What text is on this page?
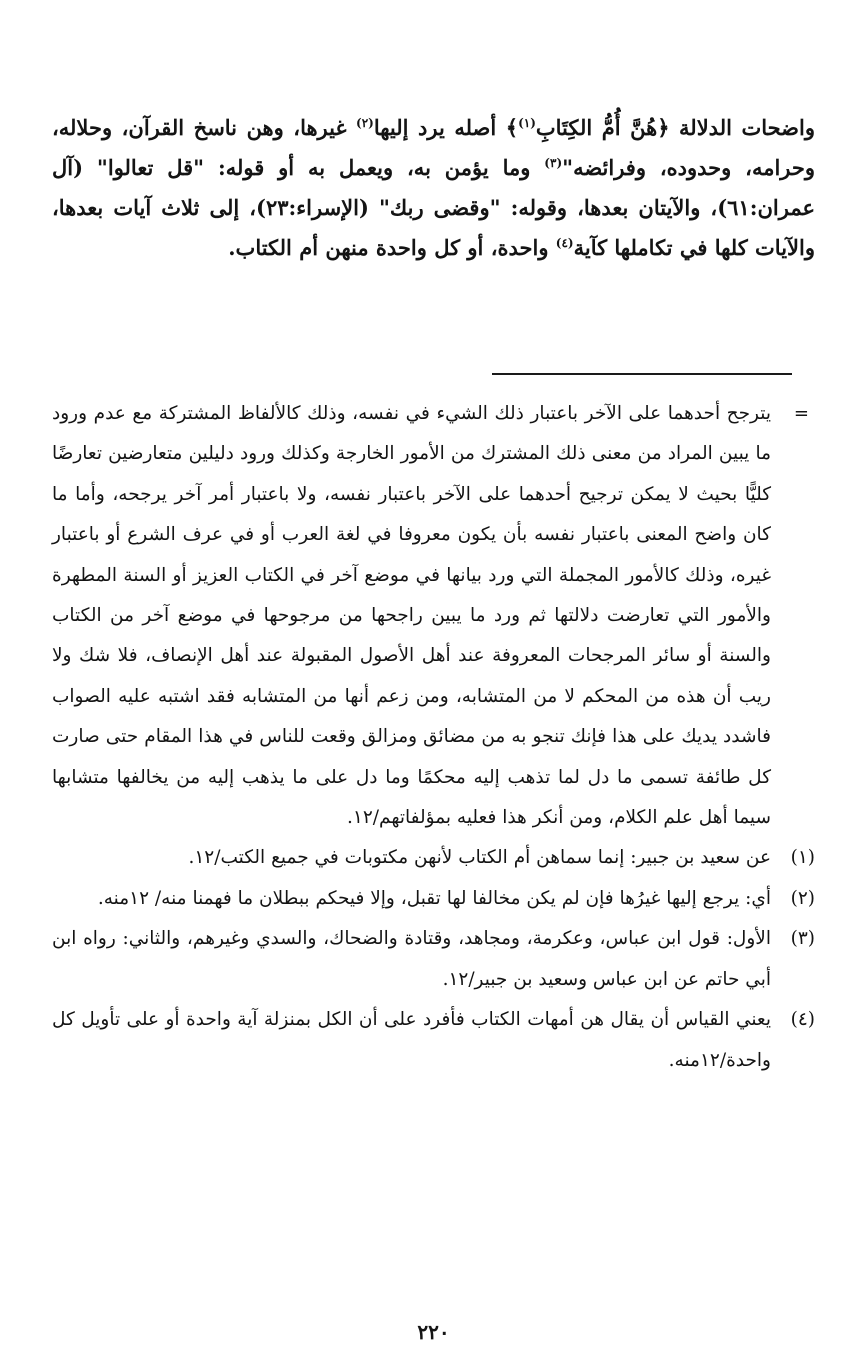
واضحات الدلالة ﴿هُنَّ أُمُّ الكِتَابِ$^{(١)}$﴾ أصله يرد إليها$^{(٢)}$ غيرها، وهن ناسخ القرآن، وحلاله، وحرامه، وحدوده، وفرائضه"$^{(٣)}$ وما يؤمن به، ويعمل به أو قوله: "قل تعالوا" (آل عمران:٦١)، والآيتان بعدها، وقوله: "وقضى ربك" (الإسراء:٢٣)، إلى ثلاث آيات بعدها، والآيات كلها في تكاملها كآية$^{(٤)}$ واحدة، أو كل واحدة منهن أم الكتاب.

=
يترجح أحدهما على الآخر باعتبار ذلك الشيء في نفسه، وذلك كالألفاظ المشتركة مع عدم ورود ما يبين المراد من معنى ذلك المشترك من الأمور الخارجة وكذلك ورود دليلين متعارضين تعارضًا كليًّا بحيث لا يمكن ترجيح أحدهما على الآخر باعتبار نفسه، ولا باعتبار أمر آخر يرجحه، وأما ما كان واضح المعنى باعتبار نفسه بأن يكون معروفا في لغة العرب أو في عرف الشرع أو باعتبار غيره، وذلك كالأمور المجملة التي ورد بيانها في موضع آخر في الكتاب العزيز أو السنة المطهرة والأمور التي تعارضت دلالتها ثم ورد ما يبين راجحها من مرجوحها في موضع آخر من الكتاب والسنة أو سائر المرجحات المعروفة عند أهل الأصول المقبولة عند أهل الإنصاف، فلا شك ولا ريب أن هذه من المحكم لا من المتشابه، ومن زعم أنها من المتشابه فقد اشتبه عليه الصواب فاشدد يديك على هذا فإنك تنجو به من مضائق ومزالق وقعت للناس في هذا المقام حتى صارت كل طائفة تسمى ما دل لما تذهب إليه محكمًا وما دل على ما يذهب إليه من يخالفها متشابها سيما أهل علم الكلام، ومن أنكر هذا فعليه بمؤلفاتهم/١٢.
(١)
عن سعيد بن جبير: إنما سماهن أم الكتاب لأنهن مكتوبات في جميع الكتب/١٢.
(٢)
أي: يرجع إليها غيرُها فإن لم يكن مخالفا لها تقبل، وإلا فيحكم ببطلان ما فهمنا منه/ ١٢منه.
(٣)
الأول: قول ابن عباس، وعكرمة، ومجاهد، وقتادة والضحاك، والسدي وغيرهم، والثاني: رواه ابن أبي حاتم عن ابن عباس وسعيد بن جبير/١٢.
(٤)
يعني القياس أن يقال هن أمهات الكتاب فأفرد على أن الكل بمنزلة آية واحدة أو على تأويل كل واحدة/١٢منه.
٢٢٠
